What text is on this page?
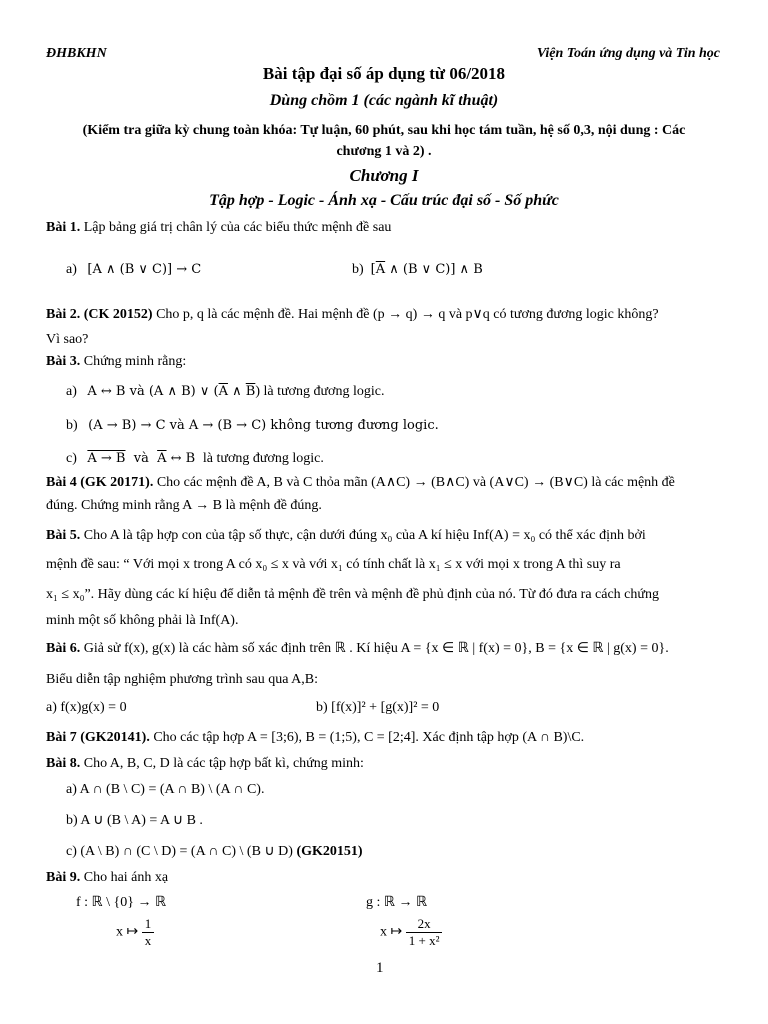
ĐHBKHN	Viện Toán ứng dụng và Tin học
Bài tập đại số áp dụng từ 06/2018
Dùng chồm 1 (các ngành kĩ thuật)
(Kiểm tra giữa kỳ chung toàn khóa: Tự luận, 60 phút, sau khi học tám tuần, hệ số 0,3, nội dung : Các
chương 1 và 2) .
Chương I
Tập hợp - Logic - Ánh xạ - Cấu trúc đại số - Số phức
Bài 1. Lập bảng giá trị chân lý của các biểu thức mệnh đề sau
a) [A ∧ (B ∨ C)] → C	b) [$\overline{A}$ ∧ (B ∨ C)] ∧ B
Bài 2. (CK 20152) Cho p, q là các mệnh đề. Hai mệnh đề (p → q) → q và p∨q có tương đương logic không?
Vì sao?
Bài 3. Chứng minh rằng:
a) A ↔ B và (A ∧ B) ∨ ($\overline{A}$ ∧ $\overline{B}$) là tương đương logic.
b) (A → B) → C và A → (B → C) không tương đương logic.
c) A → B  và  $\overline{A}$ ↔ B  là tương đương logic.
Bài 4 (GK 20171). Cho các mệnh đề A, B và C thỏa mãn (A∧C) → (B∧C) và (A∨C) → (B∨C) là các mệnh đề
đúng. Chứng minh rằng A → B là mệnh đề đúng.
Bài 5. Cho A là tập hợp con của tập số thực, cận dưới đúng x₀ của A kí hiệu Inf(A) = x₀ có thể xác định bởi
mệnh đề sau: “ Với mọi x trong A có x₀ ≤ x và với x₁ có tính chất là x₁ ≤ x với mọi x trong A thì suy ra
x₁ ≤ x₀”. Hãy dùng các kí hiệu để diễn tả mệnh đề trên và mệnh đề phủ định của nó. Từ đó đưa ra cách chứng
minh một số không phải là Inf(A).
Bài 6. Giả sử f(x), g(x) là các hàm số xác định trên ℝ . Kí hiệu A = {x ∈ ℝ | f(x) = 0}, B = {x ∈ ℝ | g(x) = 0}.
Biểu diễn tập nghiệm phương trình sau qua A,B:
a) f(x)g(x) = 0	b) [f(x)]² + [g(x)]² = 0
Bài 7 (GK20141). Cho các tập hợp A = [3;6), B = (1;5), C = [2;4]. Xác định tập hợp (A ∩ B)\C.
Bài 8. Cho A, B, C, D là các tập hợp bất kì, chứng minh:
a) A ∩ (B \ C) = (A ∩ B) \ (A ∩ C).
b) A ∪ (B \ A) = A ∪ B .
c) (A \ B) ∩ (C \ D) = (A ∩ C) \ (B ∪ D) (GK20151)
Bài 9. Cho hai ánh xạ
f : ℝ \ {0} → ℝ
x ↦ $\frac{1}{x}$
g : ℝ → ℝ
x ↦ $\frac{2x}{\text{1 + x²}}$
1
